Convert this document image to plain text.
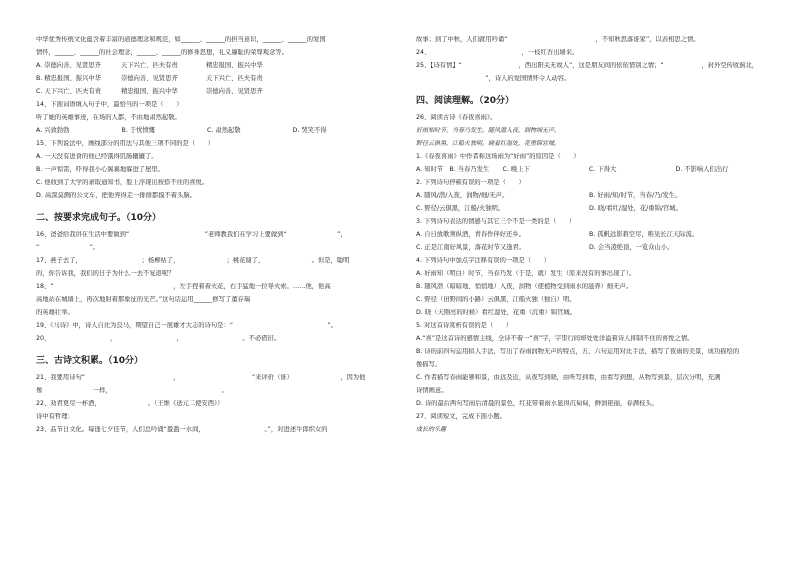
中华优秀传统文化蕴含着丰富的道德理念和规范，如______、______的担当意识，______、______的爱国
情怀，______、______的社会理念，______、______的修身思想，礼义廉耻的荣辱观念等。
A. 崇德向善、见贤思齐	天下兴亡、匹夫有责	精忠报国、振兴中华
B. 精忠报国、振兴中华	崇德向善、见贤思齐	天下兴亡、匹夫有责
C. 天下兴亡、匹夫有责	精忠报国、振兴中华	崇德向善、见贤思齐
14、下面词语填入句子中，最恰当的一项是（　　）
听了她的英雄事迹，在场的人都，不由地肃然起敬。
A. 兴致勃勃	B. 于忧愤慨	C. 肃然起敬	D. 哭笑不得
15、下列说法中，画线部分的用法与其他三项不同的是（　　）
A. 一天没有进食的他已经饿得饥肠辘辘了。
B. 一声惊雷，吓得我小心翼翼地躲进了屋里。
C. 他收到了大学的录取通知书，脸上浮现出按捺不住的喜悦。
D. 高深莫测的公文车，把他弄得走一排排都摸不着头脑。
二、按要求完成句子。（10分）
16、爸爸给我讲在生活中要做到“　　　　　　　　　　　　”老师教我们在学习上要做到“　　　　　　　　”，
“　　　　　　　　”。
17、燕子去了，　　　　　　　　　　；杨柳枯了，　　　　　　　　；桃花谢了，　　　　　　　　。但是，聪明
的，你告诉我，我们的日子为什么一去不复返呢？
18、“　　　　　　　　　　　　　　　　　　　，左手捏着着火花，右手猛地一拉导火索。……他，他高
高地站在城墙上，再次地射着那象征的光芒。”这句话运用______修写了董存瑞　　　　　　　　　　　　　
的英雄壮举。
19、《马诗》中，诗人自比为良马，期望自己一展雄才大志的诗句是：“　　　　　　　　　　　　　　　”。
20、　　　　　　　　　　，　　　　　　　　　　，　　　　　　　　　　。不必借旧。
三、古诗文积累。（10分）
21、我要用诗句“　　　　　　　　　　　　　　，　　　　　　　　　　　　”来评价（谁）　　　　　　　　，因为他
像　　　　　　　　一样，　　　　　　　　　　　　　　　　　　。
22、劝君更尽一杯酒，　　　　　　　　。（王维《送元二使安西》）
诗中有哲理：
23、品节日文化。每逢七夕佳节，人们总吟诵“盈盈一水间，　　　　　　　　　　。”，对进述牛郎织女的
故事；到了中秋，人们就用吟诵“　　　　　　　　　　　　　　，不知秋思落谁家”，以表相思之情。
24、　　　　　　　　　　　　　　　，一枝红杏出墙来。
25、【诗有情】“　　　　　　　　　，西出阳关无故人”，这是朋友间的依依惜别之情；“　　　　　　，封外空传收蓟北，
　　　　　　　　　　　”，诗人的爱国情怀令人动容。
四、阅读理解。（20分）
26、阅读古诗《春夜喜雨》。
好雨知时节，当春乃发生。随风潜入夜，润物细无声。
野径云俱黑，江船火独明。晓看红湿处，花重锦官城。
1.《春夜喜雨》中作者称这场雨为“好雨”的原因是（　　）
A. 知时节　B. 当春乃发生	C. 晚上下	C. 下得大	D. 不影响人们出行
2. 下列诗句停顿有误的一项是（　　）
A. 随风/潜/入夜，润物/细/无声。	B. 好雨/知/时节，当春/乃/发生。
C. 野径/云俱黑，江船/火独明。	D. 晓/看红/湿处，花/重锦/官城。
3. 下列诗句表达的情感与其它三个不是一类的是（　　）
A. 自日放歌须纵酒，青春作伴好还乡。	B. 孤帆远影碧空尽，唯见长江天际流。
C. 正是江南好风景，落花时节又逢君。	D. 会当凌绝顶，一览众山小。
4. 下列诗句中加点字注释有误的一项是（　　）
A. 好雨知（明白）时节，当春乃发（于是，就）发生（原来没有的事出现了）。
B. 随风潜（暗暗地、悄悄地）入夜，润物（使植物受到雨水的滋养）细无声。
C. 野径（田野间的小路）云俱黑，江船火独（独自）明。
D. 晓（天刚亮的时候）看红湿处，花重（沉重）锦官城。
5. 对这首诗赏析有误的是（　　）
A.“喜”是这首诗的感情主线，全诗不着一“喜”字，字里行间却处处洋溢着诗人抑制不住的喜悦之情。
B. 诗的前四句运用拟人手法，写出了春雨润物无声的特点，五、六句运用对比手法，描写了夜雨的美景，成功描绘的
像描写。
C. 作者描写春雨能够和景，由远及近，从夜写到晓，由听写到看，由看写到想，从物写到景，层次分明，充满
诗情画意。
D. 诗的最后两句写雨后清晨的景色，红花带着雨水显得沉甸甸，鲜润艳丽，春满枝头。
27、阅读短文，完成下面小题。
成长的乐趣
